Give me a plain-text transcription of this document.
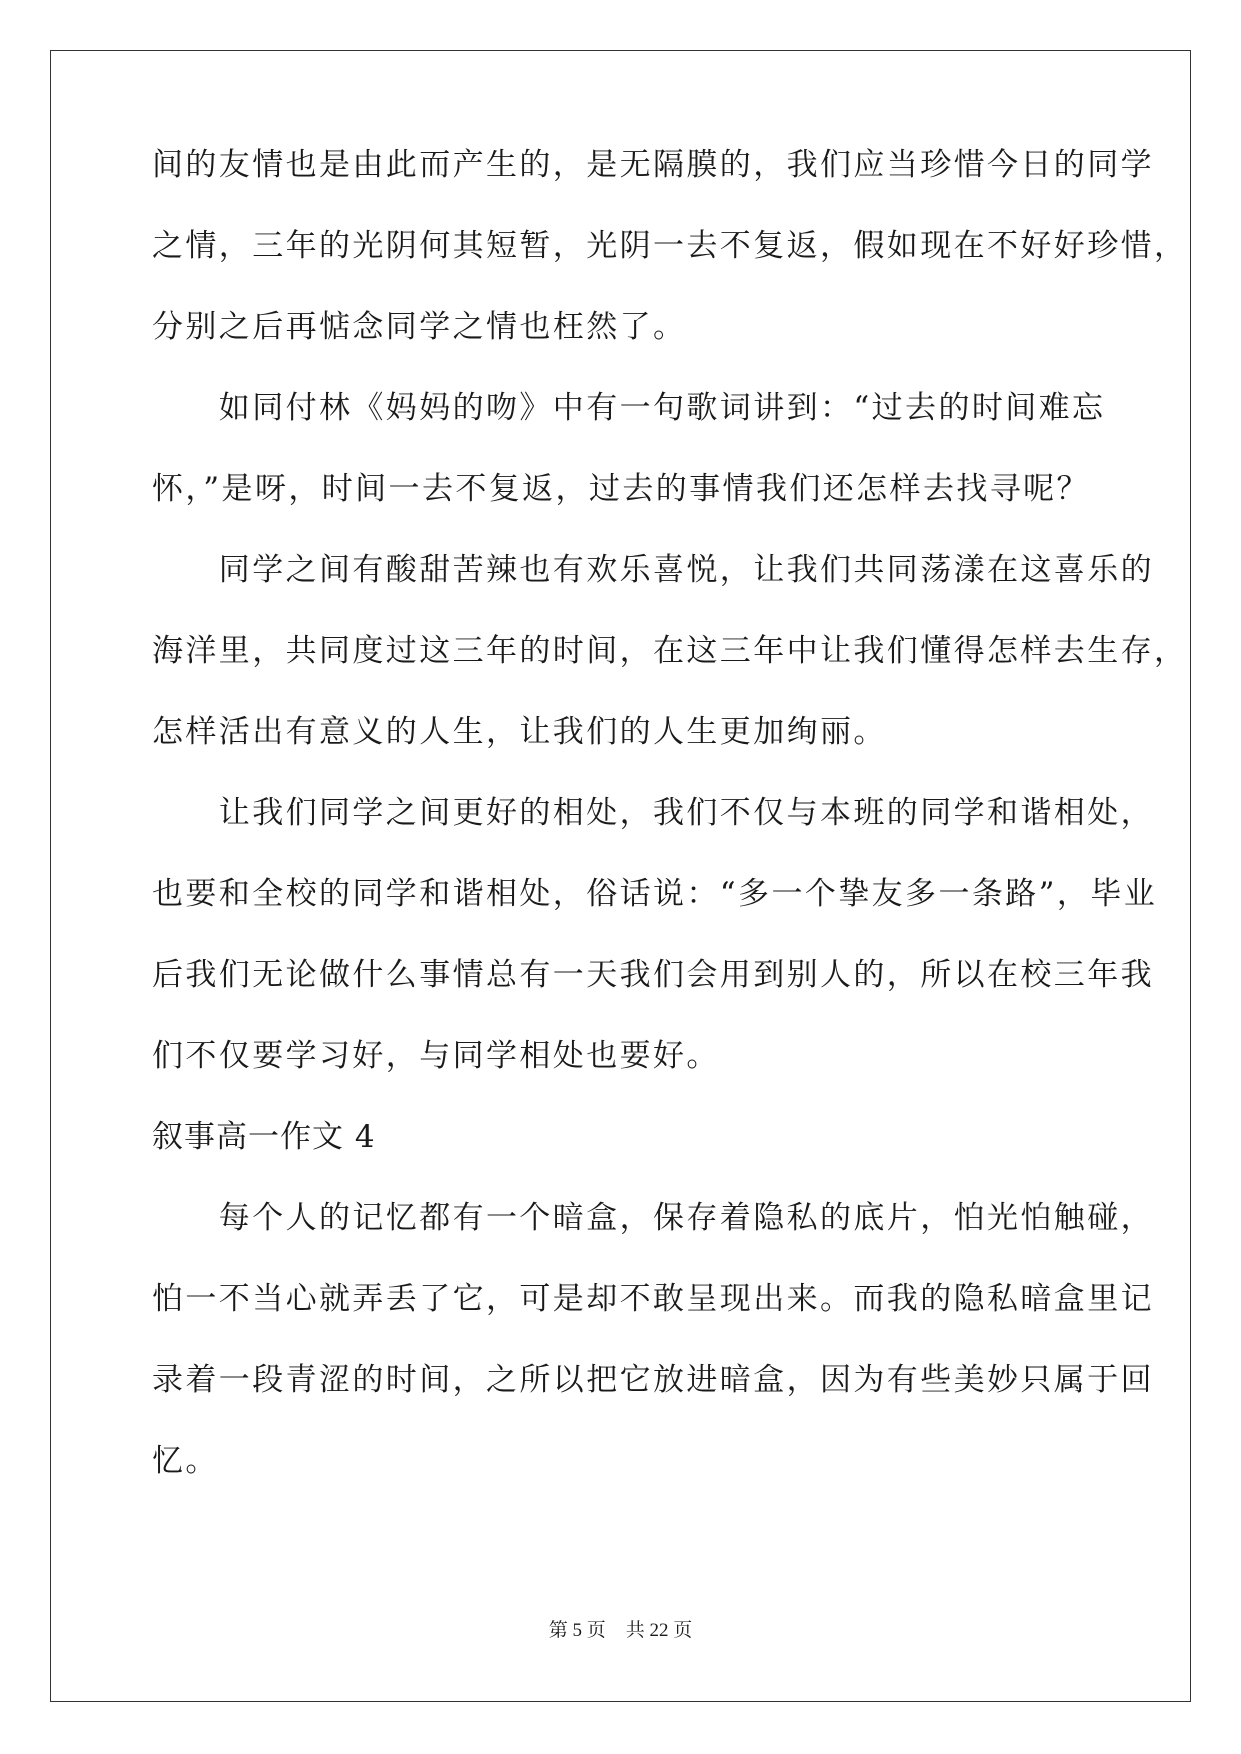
间的友情也是由此而产生的，是无隔膜的，我们应当珍惜今日的同学
之情，三年的光阴何其短暂，光阴一去不复返，假如现在不好好珍惜，
分别之后再惦念同学之情也枉然了。
　　如同付林《妈妈的吻》中有一句歌词讲到：“过去的时间难忘
怀，”是呀，时间一去不复返，过去的事情我们还怎样去找寻呢？
　　同学之间有酸甜苦辣也有欢乐喜悦，让我们共同荡漾在这喜乐的
海洋里，共同度过这三年的时间，在这三年中让我们懂得怎样去生存，
怎样活出有意义的人生，让我们的人生更加绚丽。
　　让我们同学之间更好的相处，我们不仅与本班的同学和谐相处，
也要和全校的同学和谐相处，俗话说：“多一个挚友多一条路”，毕业
后我们无论做什么事情总有一天我们会用到别人的，所以在校三年我
们不仅要学习好，与同学相处也要好。
叙事高一作文 4
　　每个人的记忆都有一个暗盒，保存着隐私的底片，怕光怕触碰，
怕一不当心就弄丢了它，可是却不敢呈现出来。而我的隐私暗盒里记
录着一段青涩的时间，之所以把它放进暗盒，因为有些美妙只属于回
忆。
第 5 页 共 22 页
